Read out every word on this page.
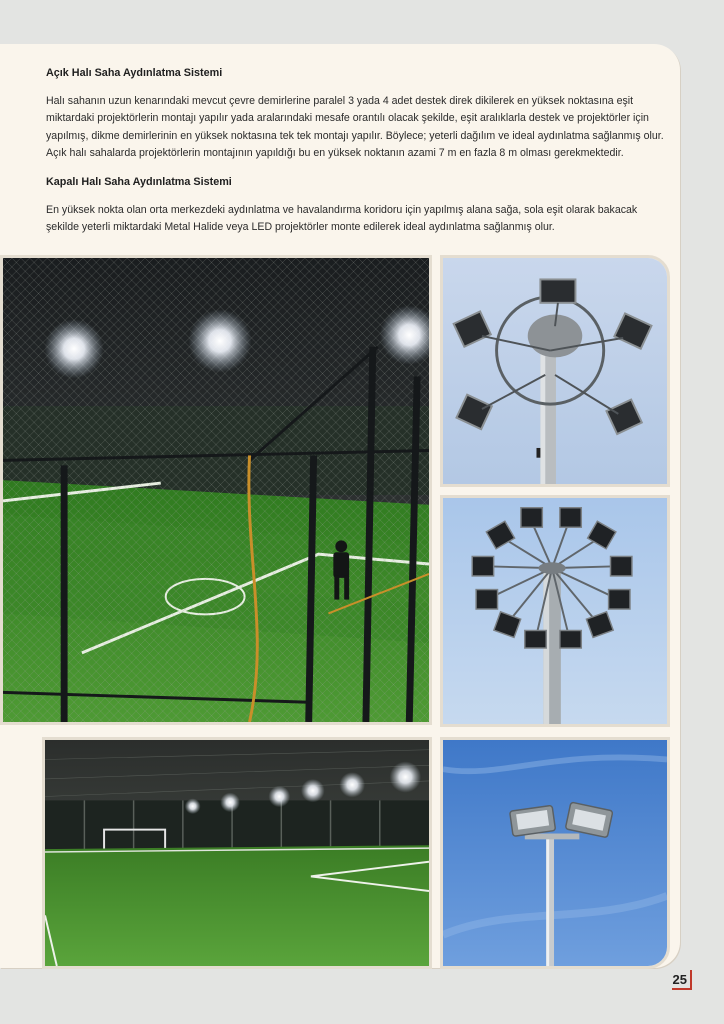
Açık Halı Saha Aydınlatma Sistemi

Halı sahanın uzun kenarındaki mevcut çevre demirlerine paralel 3 yada 4 adet destek direk dikilerek en yüksek noktasına eşit miktardaki projektörlerin montajı yapılır yada aralarındaki mesafe orantılı olacak şekilde, eşit aralıklarla destek ve projektörler için yapılmış, dikme demirlerinin en yüksek noktasına tek tek montajı yapılır. Böylece; yeterli dağılım ve ideal aydınlatma sağlanmış olur. Açık halı sahalarda projektörlerin montajının yapıldığı bu en yüksek noktanın azami 7 m en fazla 8 m olması gerekmektedir.

Kapalı Halı Saha Aydınlatma Sistemi

En yüksek nokta olan orta merkezdeki aydınlatma ve havalandırma koridoru için yapılmış alana sağa, sola eşit olarak bakacak şekilde yeterli miktardaki Metal Halide veya LED projektörler monte edilerek ideal aydınlatma sağlanmış olur.

25
